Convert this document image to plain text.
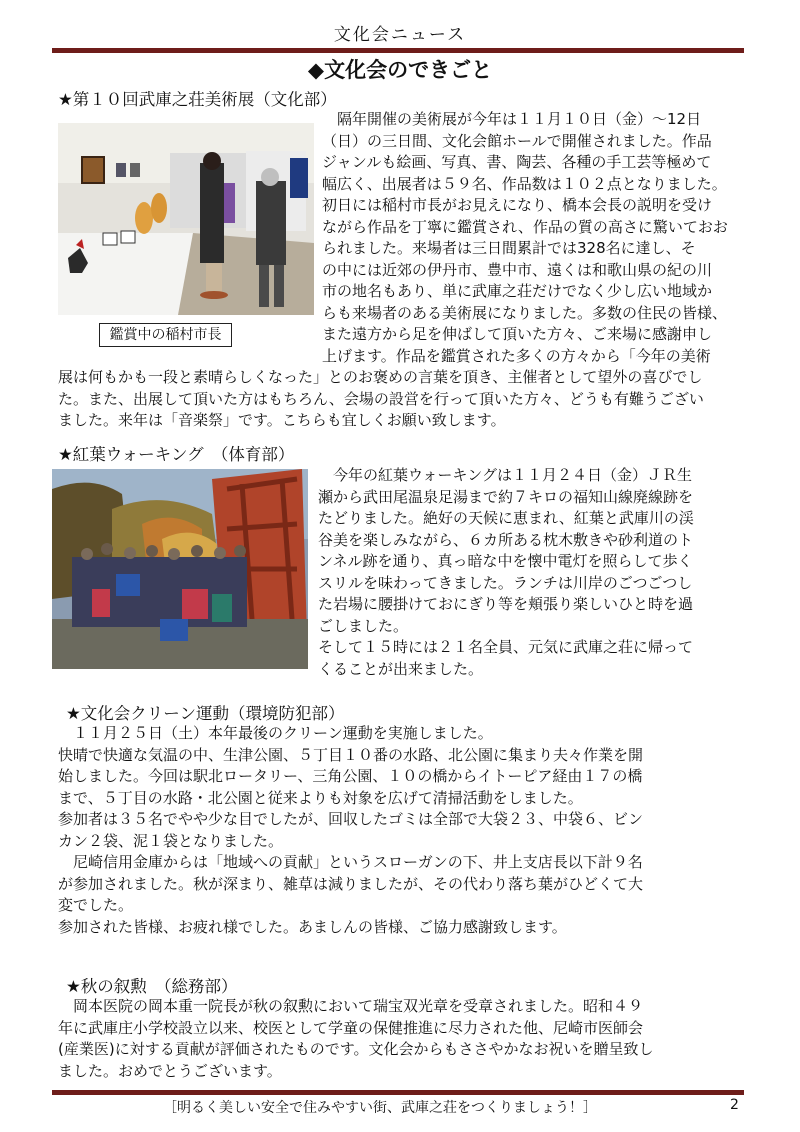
文化会ニュース
◆文化会のできごと
★第１０回武庫之荘美術展（文化部）
鑑賞中の稲村市長

隔年開催の美術展が今年は１１月１０日（金）～12日

（日）の三日間、文化会館ホールで開催されました。作品

ジャンルも絵画、写真、書、陶芸、各種の手工芸等極めて

幅広く、出展者は５９名、作品数は１０２点となりました。

初日には稲村市長がお見えになり、橋本会長の説明を受け

ながら作品を丁寧に鑑賞され、作品の質の高さに驚いておお

られました。来場者は三日間累計では328名に達し、そ

の中には近郊の伊丹市、豊中市、遠くは和歌山県の紀の川

市の地名もあり、単に武庫之荘だけでなく少し広い地域か

らも来場者のある美術展になりました。多数の住民の皆様、

また遠方から足を伸ばして頂いた方々、ご来場に感謝申し

上げます。作品を鑑賞された多くの方々から「今年の美術

展は何もかも一段と素晴らしくなった」とのお褒めの言葉を頂き、主催者として望外の喜びでし

た。また、出展して頂いた方はもちろん、会場の設営を行って頂いた方々、どうも有難うござい

ました。来年は「音楽祭」です。こちらも宜しくお願い致します。

★紅葉ウォーキング　（体育部）

今年の紅葉ウォーキングは１１月２４日（金）ＪＲ生

瀬から武田尾温泉足湯まで約７キロの福知山線廃線跡を

たどりました。絶好の天候に恵まれ、紅葉と武庫川の渓

谷美を楽しみながら、６カ所ある枕木敷きや砂利道のト

ンネル跡を通り、真っ暗な中を懐中電灯を照らして歩く

スリルを味わってきました。ランチは川岸のごつごつし

た岩場に腰掛けておにぎり等を頬張り楽しいひと時を過

ごしました。

そして１５時には２１名全員、元気に武庫之荘に帰って

くることが出来ました。

★文化会クリーン運動（環境防犯部）

１１月２５日（土）本年最後のクリーン運動を実施しました。

快晴で快適な気温の中、生津公園、５丁目１０番の水路、北公園に集まり夫々作業を開

始しました。今回は駅北ロータリー、三角公園、１０の橋からイトーピア経由１７の橋

まで、５丁目の水路・北公園と従来よりも対象を広げて清掃活動をしました。

参加者は３５名でやや少な目でしたが、回収したゴミは全部で大袋２３、中袋６、ビン

カン２袋、泥１袋となりました。

尼崎信用金庫からは「地域への貢献」というスローガンの下、井上支店長以下計９名

が参加されました。秋が深まり、雑草は減りましたが、その代わり落ち葉がひどくて大

変でした。

参加された皆様、お疲れ様でした。あましんの皆様、ご協力感謝致します。

★秋の叙勲　（総務部）

岡本医院の岡本重一院長が秋の叙勲において瑞宝双光章を受章されました。昭和４９

年に武庫庄小学校設立以来、校医として学童の保健推進に尽力された他、尼崎市医師会

(産業医)に対する貢献が評価されたものです。文化会からもささやかなお祝いを贈呈致し

ました。おめでとうございます。

［明るく美しい安全で住みやすい街、武庫之荘をつくりましょう！］	2
